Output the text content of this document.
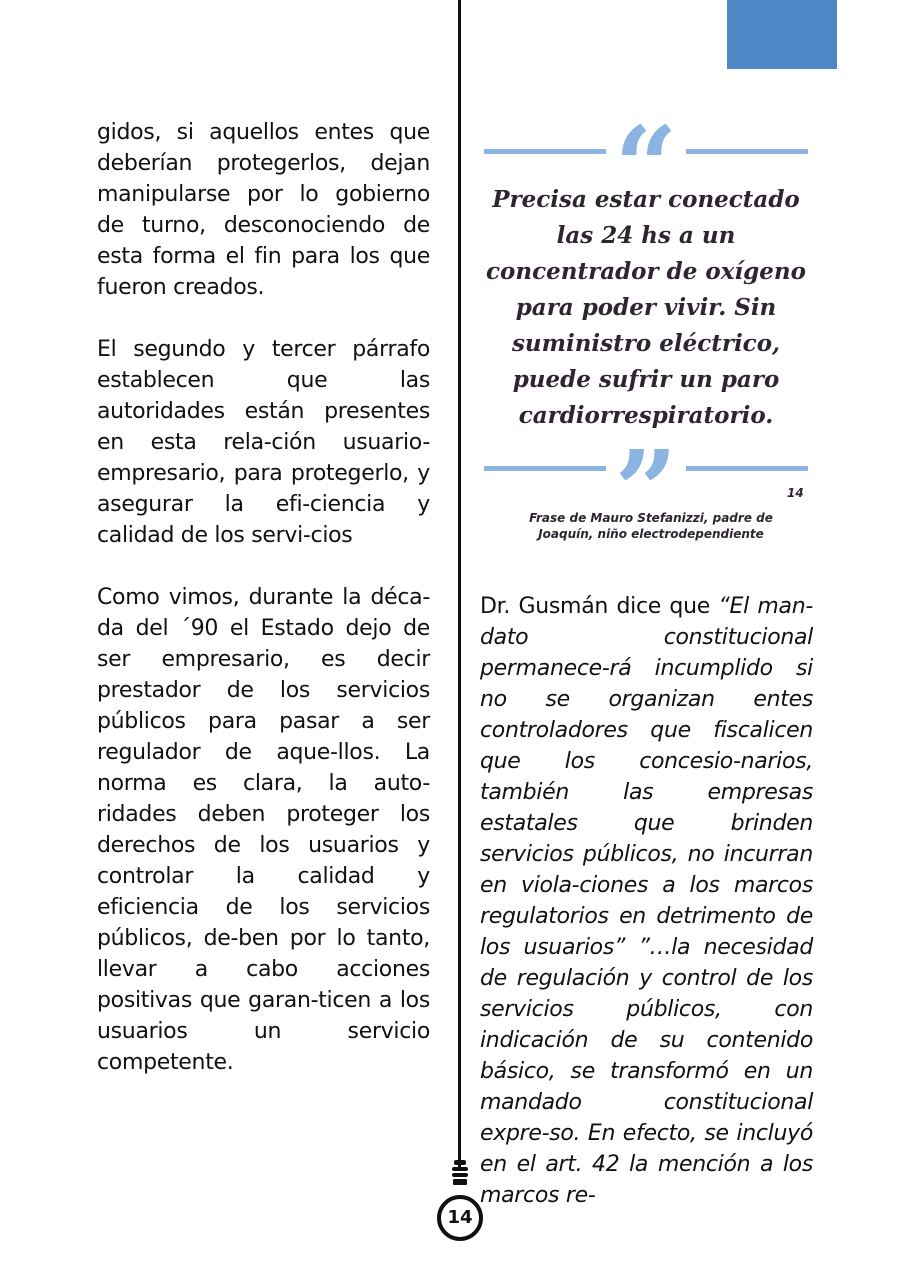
gidos, si aquellos entes que deberían protegerlos, dejan manipularse por lo gobierno de turno, desconociendo de esta forma el fin para los que fueron creados.

El segundo y tercer párrafo establecen que las autoridades están presentes en esta rela-ción usuario-empresario, para protegerlo, y asegurar la efi-ciencia y calidad de los servi-cios

Como vimos, durante la déca-da del ´90 el Estado dejo de ser empresario, es decir prestador de los servicios públicos para pasar a ser regulador de aque-llos. La norma es clara, la auto-ridades deben proteger los derechos de los usuarios y controlar la calidad y eficiencia de los servicios públicos, de-ben por lo tanto, llevar a cabo acciones positivas que garan-ticen a los usuarios un servicio competente.

“
Precisa estar conectado las 24 hs a un concentrador de oxígeno para poder vivir. Sin suministro eléctrico, puede sufrir un paro cardiorrespiratorio.
”	14
Frase de Mauro Stefanizzi, padre de Joaquín, niño electrodependiente

Dr. Gusmán dice que “El man-dato constitucional permanece-rá incumplido si no se organizan entes controladores que fiscalicen que los concesio-narios, también las empresas estatales que brinden servicios públicos, no incurran en viola-ciones a los marcos regulatorios en detrimento de los usuarios” ”…la necesidad de regulación y control de los servicios públicos, con indicación de su contenido básico, se transformó en un mandado constitucional expre-so. En efecto, se incluyó en el art. 42 la mención a los marcos re-

14
